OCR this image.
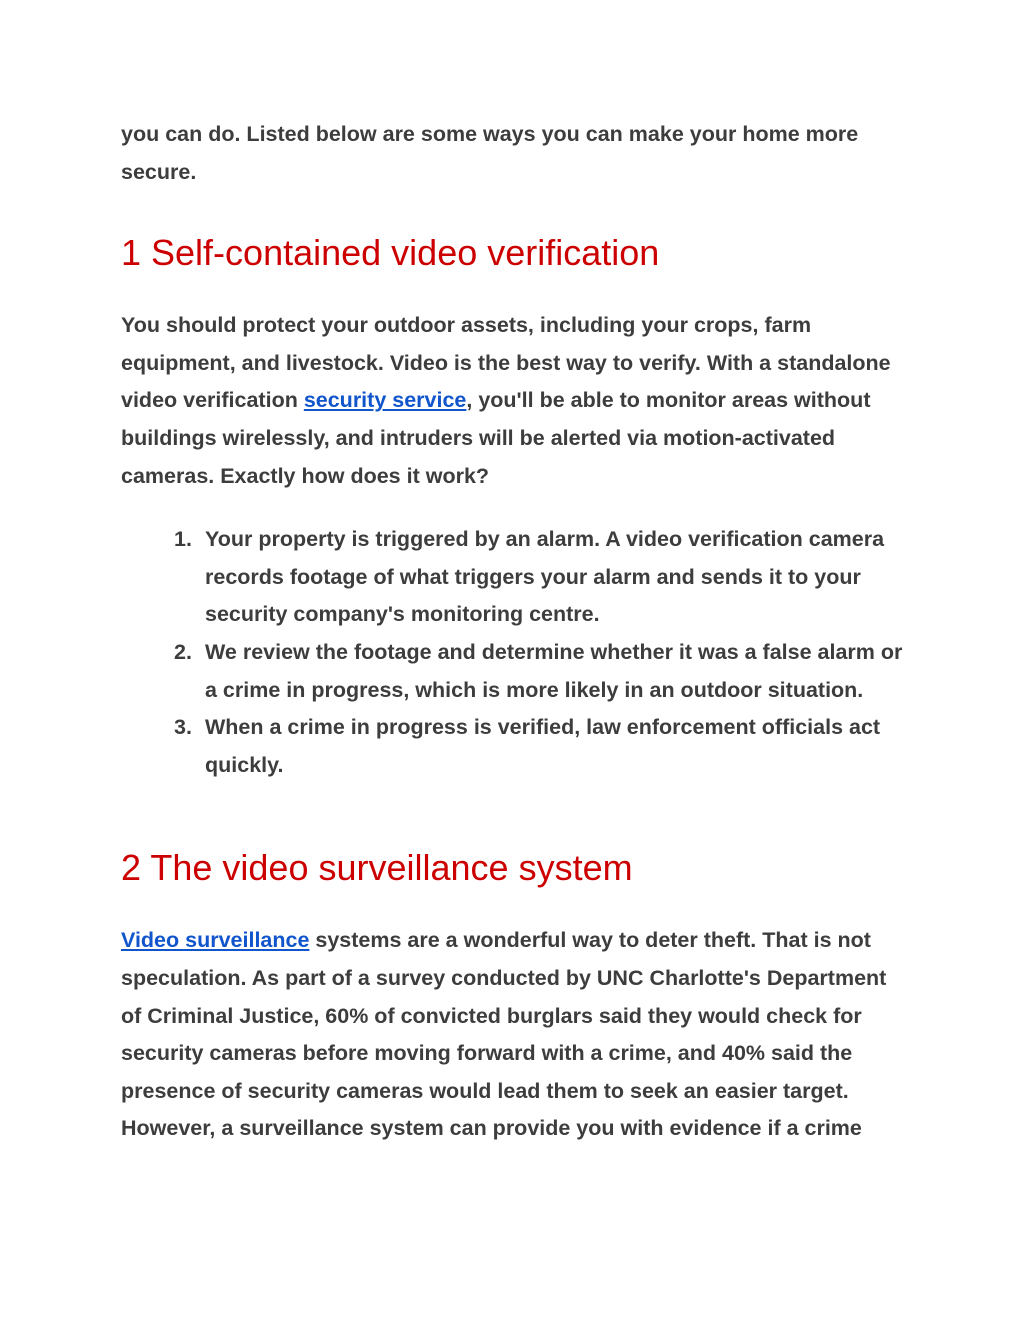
you can do. Listed below are some ways you can make your home more secure.

1 Self-contained video verification

You should protect your outdoor assets, including your crops, farm equipment, and livestock. Video is the best way to verify. With a standalone video verification security service, you'll be able to monitor areas without buildings wirelessly, and intruders will be alerted via motion-activated cameras. Exactly how does it work?

1. Your property is triggered by an alarm. A video verification camera records footage of what triggers your alarm and sends it to your security company's monitoring centre.
2. We review the footage and determine whether it was a false alarm or a crime in progress, which is more likely in an outdoor situation.
3. When a crime in progress is verified, law enforcement officials act quickly.
2 The video surveillance system

Video surveillance systems are a wonderful way to deter theft. That is not speculation. As part of a survey conducted by UNC Charlotte's Department of Criminal Justice, 60% of convicted burglars said they would check for security cameras before moving forward with a crime, and 40% said the presence of security cameras would lead them to seek an easier target. However, a surveillance system can provide you with evidence if a crime
